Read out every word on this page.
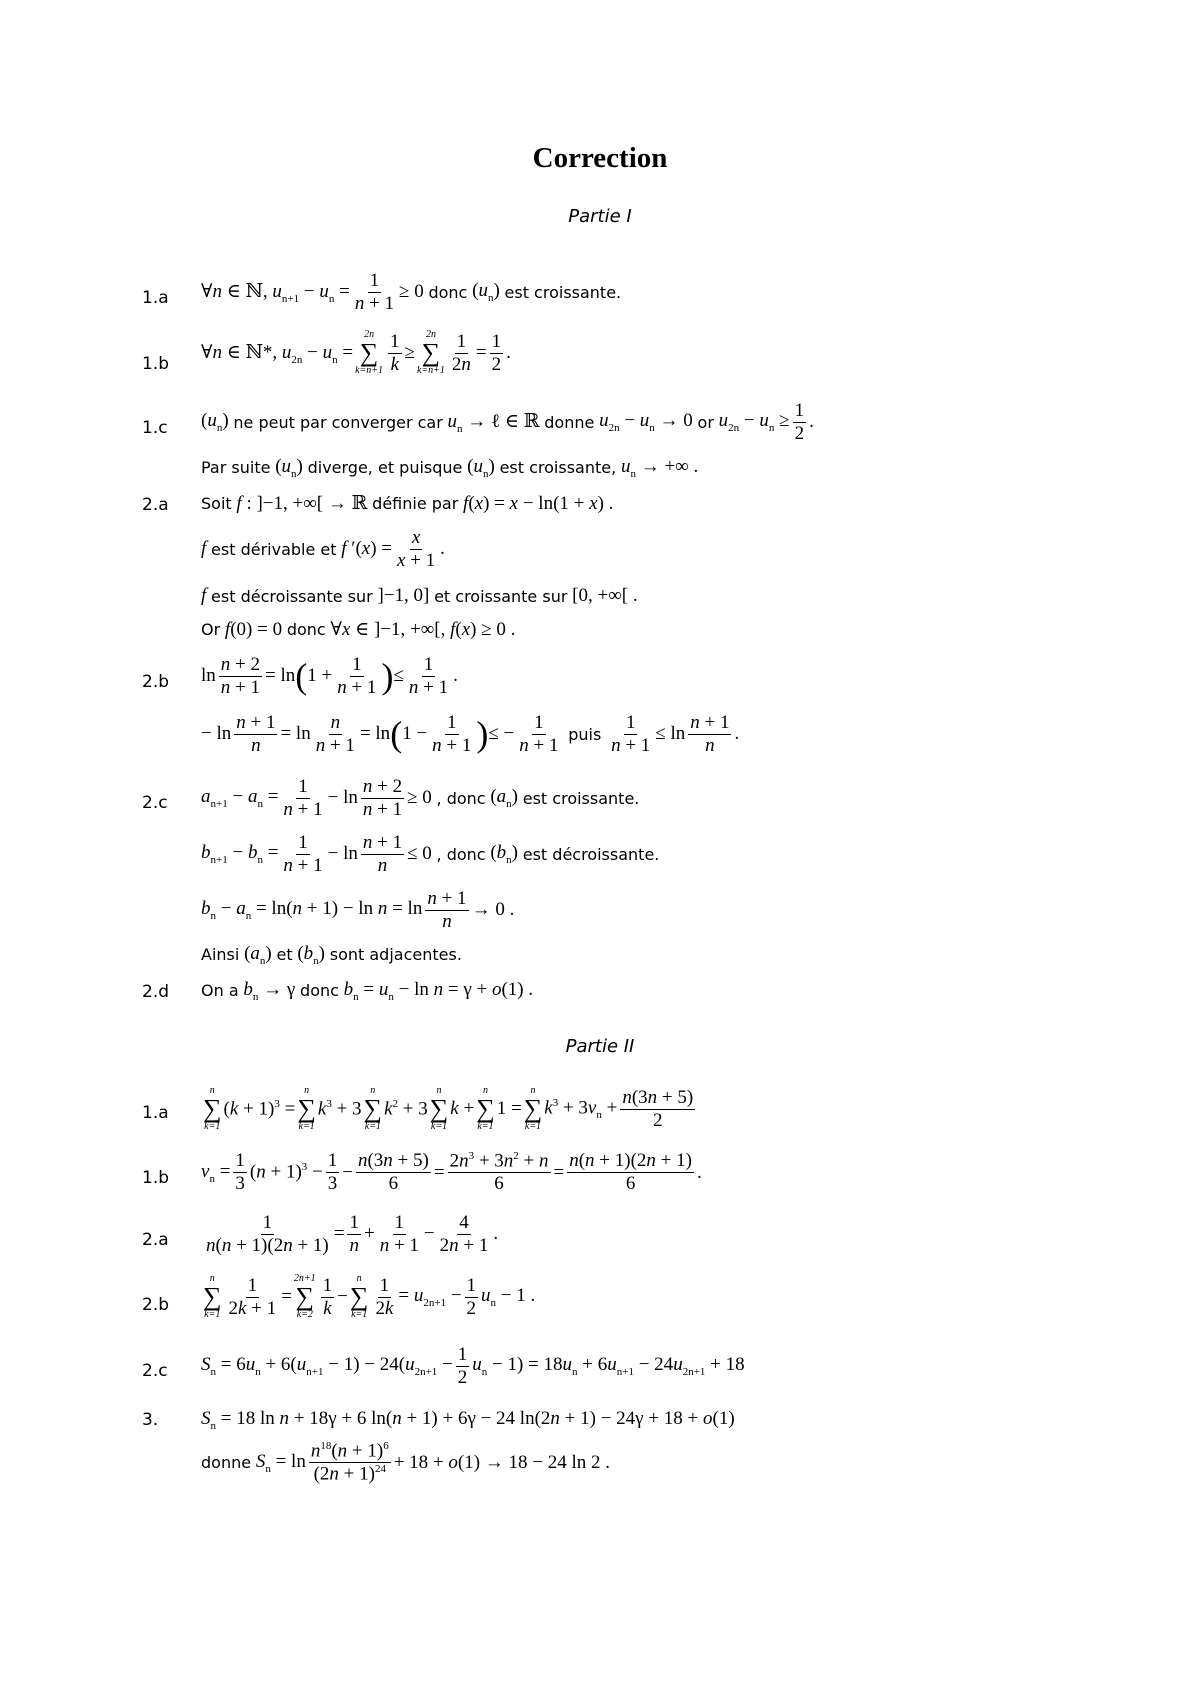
Correction
Partie I
1.a ∀n ∈ ℕ, $u_{n+1} - u_n = \frac{1}{n + 1} \ge 0$ donc $(u_n)$ est croissante.
1.b
∀n ∈ ℕ*, $u_{2n} - u_n$ =
2n
∑
$k=n+1 \frac{1}{k}$ ≥
2n
∑
$k=n+1 \frac{1}{2n} = \frac{1}{2}$ .
1.c $(u_n)$ ne peut par converger car $u_n$ → ℓ ∈ ℝ donne $u_{2n} - u_n \to 0$ or $u_{2n} - u_n \ge \frac{1}{2}$ .
Par suite $(u_n)$ diverge, et puisque $(u_n)$ est croissante, $u_n$ → +∞ .
2.a Soit f : ]−1, +∞[ → ℝ définie par f(x) = x − ln(1 + x) .
f
est dérivable et f $'(x) = \frac{x}{x + 1}$ .
f
est décroissante sur ]−1, 0] et croissante sur [0, +∞[ .
Or f(0) = 0 donc ∀x ∈ ]−1, +∞[, f(x) ≥ 0 .
2.b $\ln \frac{n + 2}{n + 1} = \ln$ ( $1 + \frac{1}{n + 1}$ ) ≤ $\frac{1}{n + 1}$ .
− $\ln \frac{n + 1}{n} = \ln \frac{n}{n + 1} = \ln$ ( $1 - \frac{1}{n + 1}$ ) ≤ − $\frac{1}{n + 1}$
puis
$\frac{1}{n + 1} \le \ln \frac{n + 1}{n}$ .
2.c $a_{n+1} - a_n = \frac{1}{n + 1} - \ln \frac{n + 2}{n + 1} \ge 0$ , donc $(a_n)$ est croissante.
$b_{n+1} - b_n = \frac{1}{n + 1} - \ln \frac{n + 1}{n} \le 0$ , donc $(b_n)$ est décroissante.
$b_n - a_n = \ln(n + 1) - \ln n = \ln \frac{n + 1}{n} \to 0$ .
Ainsi $(a_n)$ et $(b_n)$ sont adjacentes.
2.d On a $b_n \to \gamma$ donc $b_n = u_n - \ln n = \gamma + o(1)$ .
Partie II
1.a
n
∑
k=1
$(k + 1)^3$ =
n
∑
k=1
$k^3 + 3$
n
∑
k=1
$k^2 + 3$
n
∑
k=1
k +
n
∑
k=1
1 =
n
∑
k=1
$k^3 + 3v_n + \frac{n(3n + 5)}{2}$
1.b $v_n = \frac{1}{3} (n + 1)^3 - \frac{1}{3} - \frac{n(3n + 5)}{6} = \frac{2n^3 + 3n^2 + n}{6} = \frac{n(n + 1)(2n + 1)}{6}$ .
$2.a \frac{1}{n(n + 1)(2n + 1)} = \frac{1}{n} + \frac{1}{n + 1} - \frac{4}{2n + 1}$ .
2.b
n
∑
$k=1 \frac{1}{2k + 1}$ =
2n+1
∑
$k=2 \frac{1}{k}$ −
n
∑
$k=1 \frac{1}{2k} = u_{2n+1} - \frac{1}{2} u_n - 1$ .
2.c $S_n = 6u_n + 6(u_{n+1} - 1) - 24(u_{2n+1} - \frac{1}{2} u_n - 1) = 18u_n + 6u_{n+1} - 24u_{2n+1} + 18$
3. $S_n = 18$ ln n + 18γ + 6 ln(n + 1) + 6γ − 24 ln(2n + 1) − 24γ + 18 + o(1)
donne $S_n = \ln \frac{n^{18}(n + 1)^6}{(2n + 1)^{24}} + 18 + o(1) \to 18 - 24$ ln 2 .
